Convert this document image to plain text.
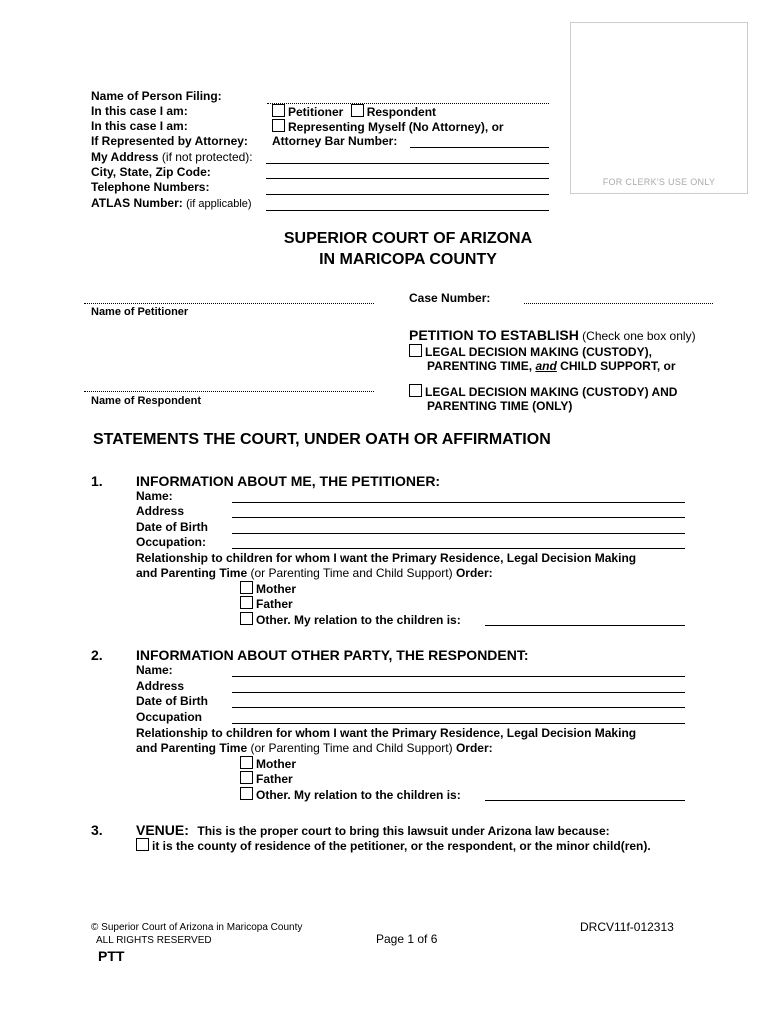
FOR CLERK'S USE ONLY
Name of Person Filing:
In this case I am:
In this case I am:
If Represented by Attorney:
My Address (if not protected):
City, State, Zip Code:
Telephone Numbers:
ATLAS Number: (if applicable)
Petitioner Respondent
Representing Myself (No Attorney), or
Attorney Bar Number:
SUPERIOR COURT OF ARIZONA
IN MARICOPA COUNTY
Name of Petitioner
Name of Respondent
Case Number:
PETITION TO ESTABLISH (Check one box only)
LEGAL DECISION MAKING (CUSTODY),
PARENTING TIME, and CHILD SUPPORT, or
LEGAL DECISION MAKING (CUSTODY) AND
PARENTING TIME (ONLY)
STATEMENTS THE COURT, UNDER OATH OR AFFIRMATION
1. INFORMATION ABOUT ME, THE PETITIONER:
Name:
Address
Date of Birth
Occupation:
Relationship to children for whom I want the Primary Residence, Legal Decision Making
and Parenting Time (or Parenting Time and Child Support) Order:
Mother
Father
Other. My relation to the children is:
2. INFORMATION ABOUT OTHER PARTY, THE RESPONDENT:
Name:
Address
Date of Birth
Occupation
Relationship to children for whom I want the Primary Residence, Legal Decision Making
and Parenting Time (or Parenting Time and Child Support) Order:
Mother
Father
Other. My relation to the children is:
3. VENUE: This is the proper court to bring this lawsuit under Arizona law because:
it is the county of residence of the petitioner, or the respondent, or the minor child(ren).
© Superior Court of Arizona in Maricopa County
ALL RIGHTS RESERVED
PTT
Page 1 of 6
DRCV11f-012313
